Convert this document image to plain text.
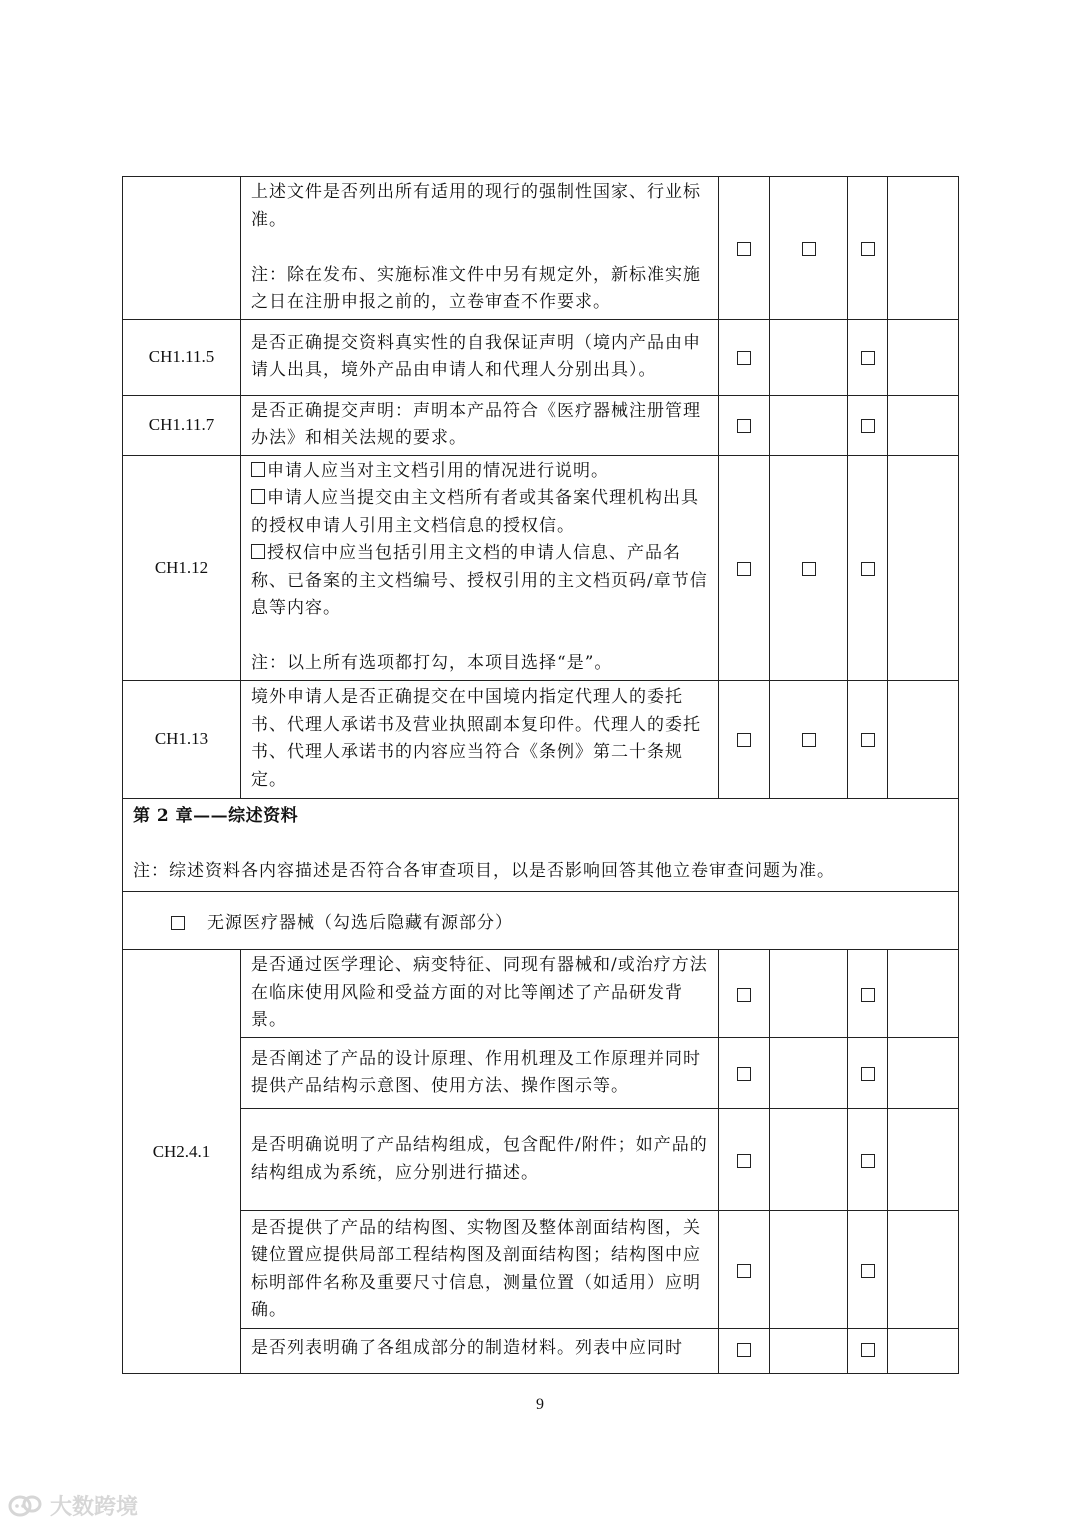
	上述文件是否列出所有适用的现行的强制性国家、行业标准。
注：除在发布、实施标准文件中另有规定外，新标准实施之日在注册申报之前的，立卷审查不作要求。				

CH1.11.5	是否正确提交资料真实性的自我保证声明（境内产品由申请人出具，境外产品由申请人和代理人分别出具）。				

CH1.11.7	是否正确提交声明：声明本产品符合《医疗器械注册管理办法》和相关法规的要求。				

CH1.12	申请人应当对主文档引用的情况进行说明。
申请人应当提交由主文档所有者或其备案代理机构出具的授权申请人引用主文档信息的授权信。
授权信中应当包括引用主文档的申请人信息、产品名称、已备案的主文档编号、授权引用的主文档页码/章节信息等内容。
注：以上所有选项都打勾，本项目选择“是”。				

CH1.13	境外申请人是否正确提交在中国境内指定代理人的委托书、代理人承诺书及营业执照副本复印件。代理人的委托书、代理人承诺书的内容应当符合《条例》第二十条规定。				

第 2 章——综述资料
注：综述资料各内容描述是否符合各审查项目，以是否影响回答其他立卷审查问题为准。					

无源医疗器械（勾选后隐藏有源部分）					
CH2.4.1	是否通过医学理论、病变特征、同现有器械和/或治疗方法在临床使用风险和受益方面的对比等阐述了产品研发背景。				

	是否阐述了产品的设计原理、作用机理及工作原理并同时提供产品结构示意图、使用方法、操作图示等。				

	是否明确说明了产品结构组成，包含配件/附件；如产品的结构组成为系统，应分别进行描述。				

	是否提供了产品的结构图、实物图及整体剖面结构图，关键位置应提供局部工程结构图及剖面结构图；结构图中应标明部件名称及重要尺寸信息，测量位置（如适用）应明确。				

	是否列表明确了各组成部分的制造材料。列表中应同时				

9
大数跨境
